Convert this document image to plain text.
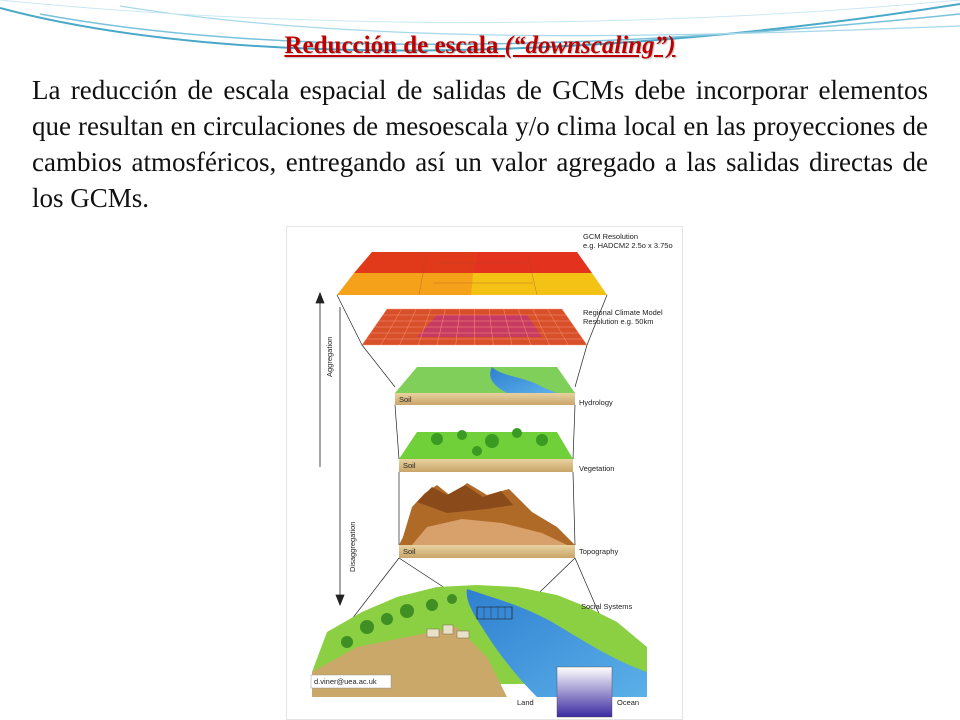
Reducción de escala (“downscaling”)
La reducción de escala espacial de salidas de GCMs debe incorporar elementos que resultan en circulaciones de mesoescala y/o clima local en las proyecciones de cambios atmosféricos, entregando así un valor agregado a las salidas directas de los GCMs.
Soil
Soil
Soil
Aggregation
Disaggregation
GCM Resolution
e.g. HADCM2 2.5o x 3.75o
Regional Climate Model
Resolution e.g. 50km
Hydrology
Vegetation
Topography
Social Systems
Land	Ocean
d.viner@uea.ac.uk
